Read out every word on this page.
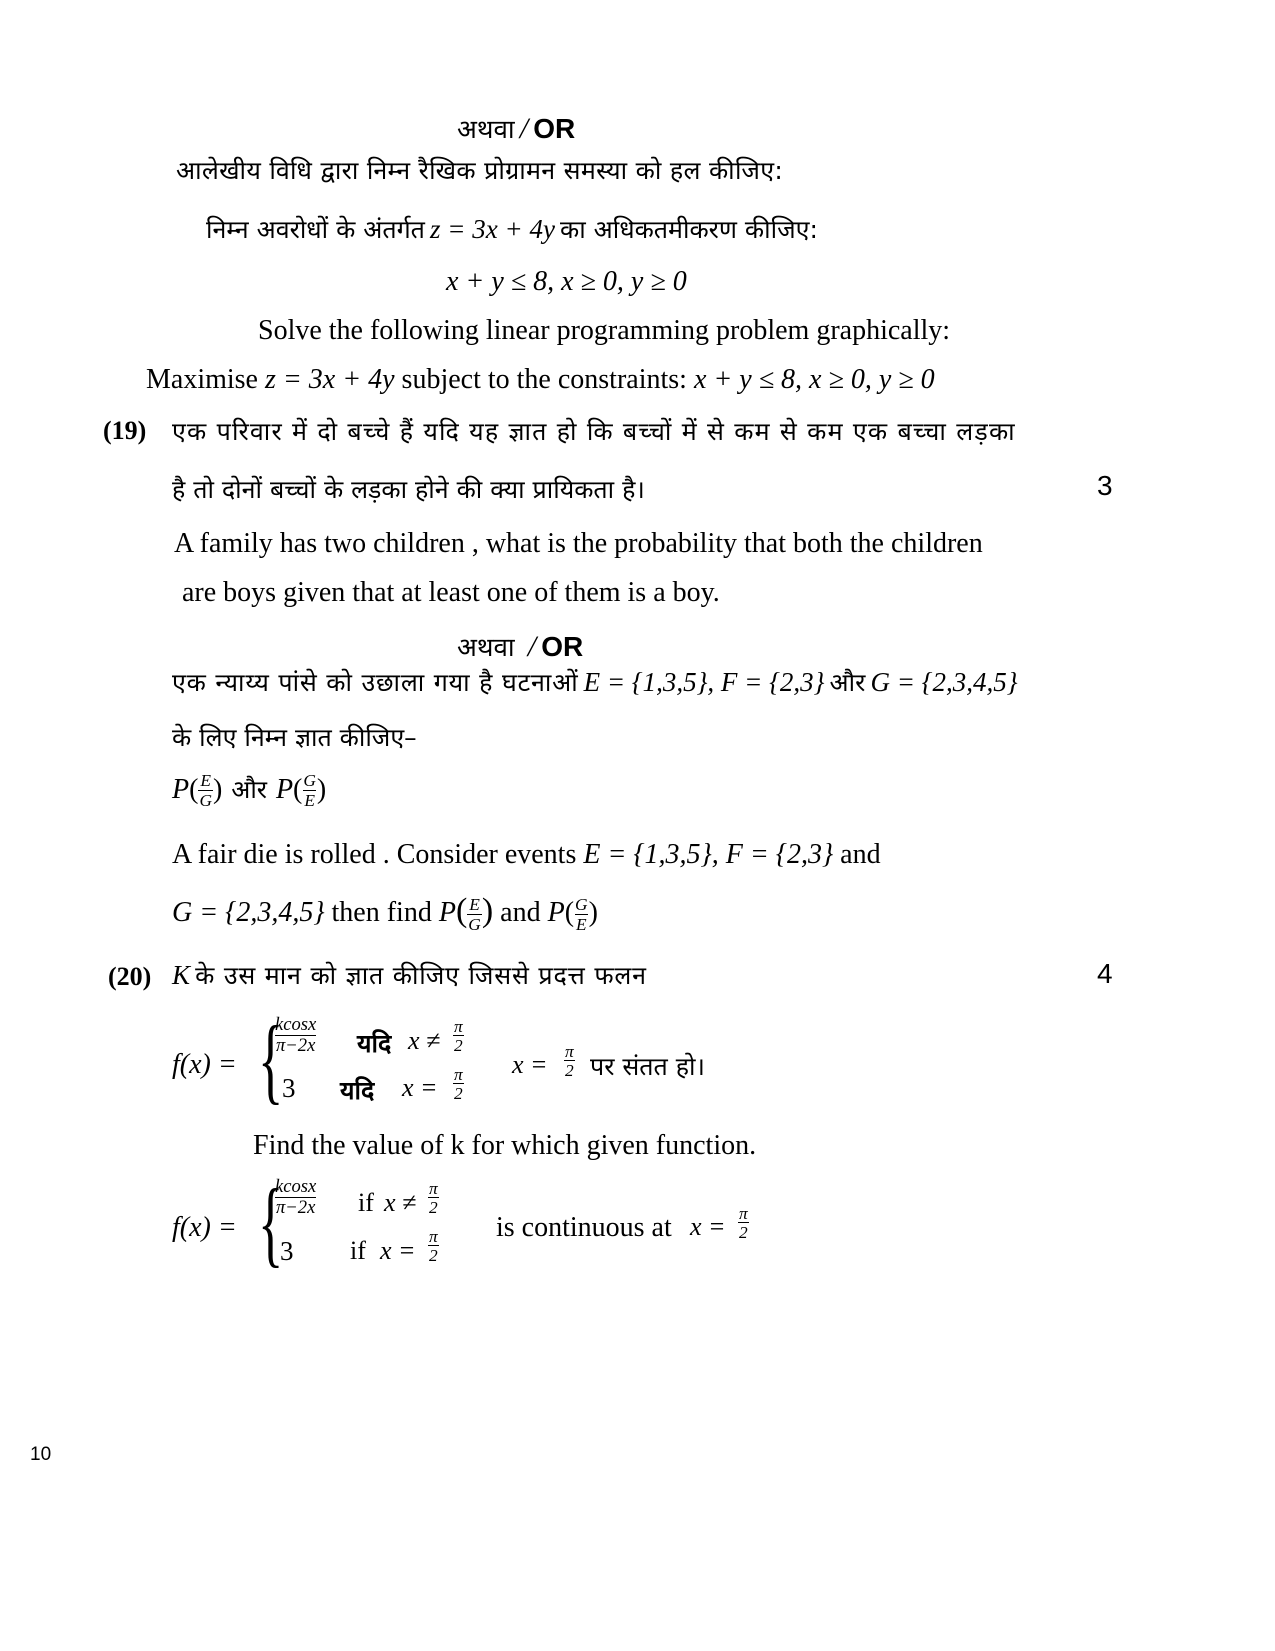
अथवा / OR
आलेखीय विधि द्वारा निम्न रैखिक प्रोग्रामन समस्या को हल कीजिए:
निम्न अवरोधों के अंतर्गत z = 3x + 4y का अधिकतमीकरण कीजिए:
x + y ≤ 8, x ≥ 0, y ≥ 0
Solve the following linear programming problem graphically:
Maximise z = 3x + 4y subject to the constraints: x + y ≤ 8, x ≥ 0, y ≥ 0
(19) एक परिवार में दो बच्चे हैं यदि यह ज्ञात हो कि बच्चों में से कम से कम एक बच्चा लड़का
है तो दोनों बच्चों के लड़का होने की क्या प्रायिकता है।	3
A family has two children , what is the probability that both the children
are boys given that at least one of them is a boy.
अथवा / OR
एक न्याय्य पांसे को उछाला गया है घटनाओं E = {1,3,5}, F = {2,3} और G = {2,3,4,5}
के लिए निम्न ज्ञात कीजिए–
$P( \frac{E}{G}$ ) और $P( \frac{G}{E}$ )
A fair die is rolled . Consider events E = {1,3,5}, F = {2,3} and
G = {2,3,4,5} then find $P( \frac{E}{G}$ ) and $P( \frac{G}{E}$ )
(20) K के उस मान को ज्ञात कीजिए जिससे प्रदत्त फलन	4
f(x) = {
$\frac{kcosx}{\pi-2x}$ यदि $x \ne \frac{\pi}{2}$
3 यदि $x = \frac{\pi}{2}$
$x = \frac{\pi}{2}$ पर संतत हो।
Find the value of k for which given function.
f(x) = {
$\frac{kcosx}{\pi-2x}$ if $x \ne \frac{\pi}{2}$
3 if $x = \frac{\pi}{2}$
is continuous at $x = \frac{\pi}{2}$
10
